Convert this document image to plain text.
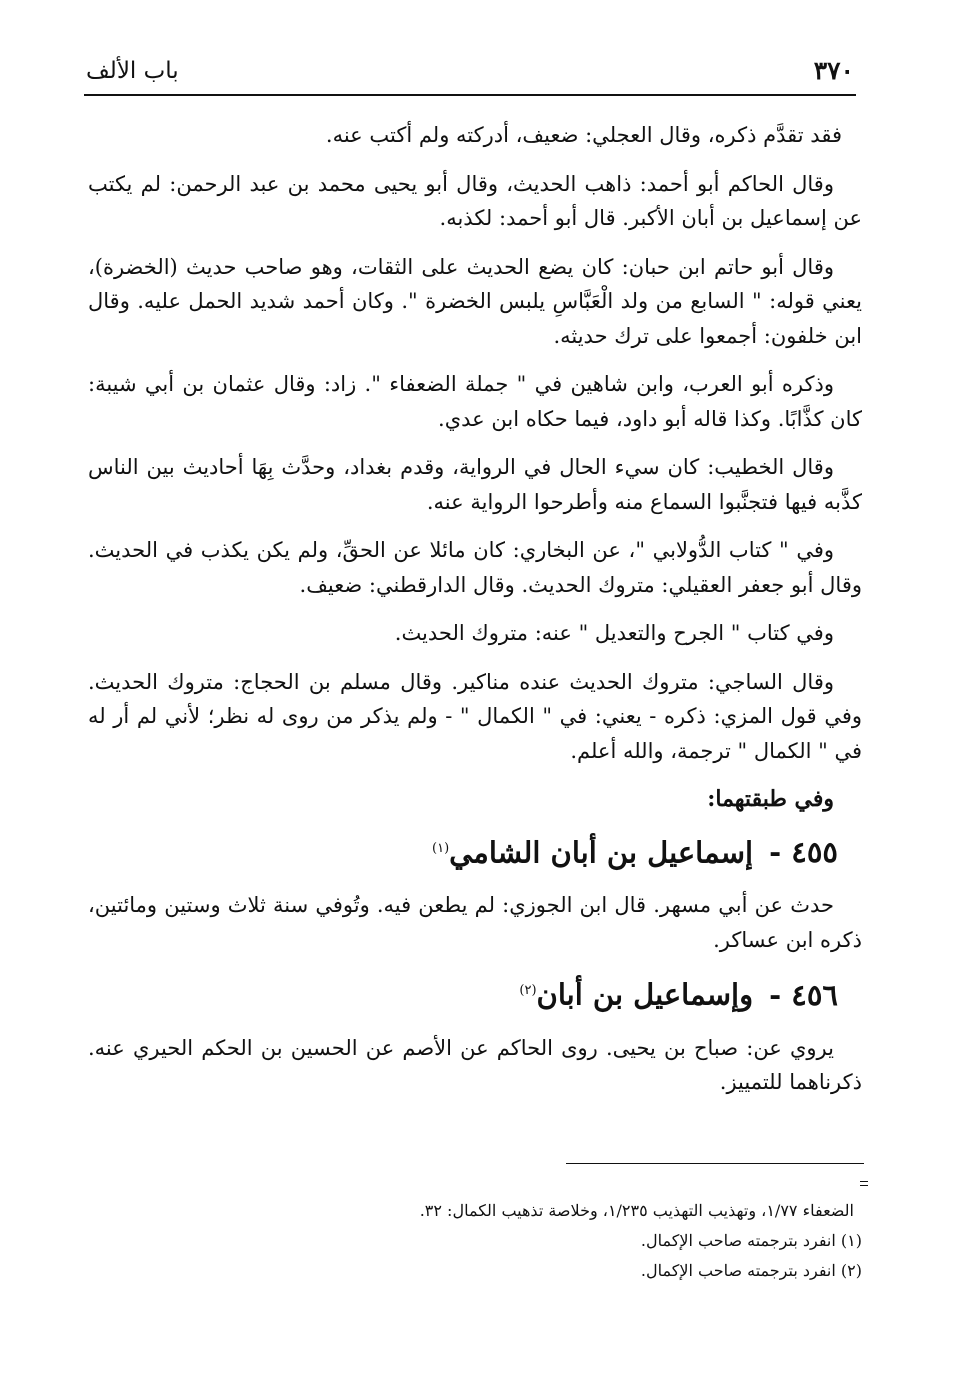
٣٧٠
باب الألف

فقد تقدَّم ذكره، وقال العجلي: ضعيف، أدركته ولم أكتب عنه.

وقال الحاكم أبو أحمد: ذاهب الحديث، وقال أبو يحيى محمد بن عبد الرحمن: لم يكتب عن إسماعيل بن أبان الأكبر. قال أبو أحمد: لكذبه.

وقال أبو حاتم ابن حبان: كان يضع الحديث على الثقات، وهو صاحب حديث (الخضرة)، يعني قوله: " السابع من ولد الْعَبَّاسِ يلبس الخضرة ". وكان أحمد شديد الحمل عليه. وقال ابن خلفون: أجمعوا على ترك حديثه.

وذكره أبو العرب، وابن شاهين في " جملة الضعفاء ". زاد: وقال عثمان بن أبي شيبة: كان كذَّابًا. وكذا قاله أبو داود، فيما حكاه ابن عدي.

وقال الخطيب: كان سيء الحال في الرواية، وقدم بغداد، وحدَّث بِهَا أحاديث بين الناس كذَّبه فيها فتجنَّبوا السماع منه وأطرحوا الرواية عنه.

وفي " كتاب الدُّولابي "، عن البخاري: كان مائلا عن الحقِّ، ولم يكن يكذب في الحديث. وقال أبو جعفر العقيلي: متروك الحديث. وقال الدارقطني: ضعيف.

وفي كتاب " الجرح والتعديل " عنه: متروك الحديث.

وقال الساجي: متروك الحديث عنده مناكير. وقال مسلم بن الحجاج: متروك الحديث. وفي قول المزي: ذكره - يعني: في " الكمال " - ولم يذكر من روى له نظر؛ لأني لم أر له في " الكمال " ترجمة، والله أعلم.

وفي طبقتهما:
٤٥٥ -إسماعيل بن أبان الشامي$^{(١)}$

حدث عن أبي مسهر. قال ابن الجوزي: لم يطعن فيه. وتُوفي سنة ثلاث وستين ومائتين، ذكره ابن عساكر.

٤٥٦ -وإسماعيل بن أبان$^{(٢)}$

يروي عن: صباح بن يحيى. روى الحاكم عن الأصم عن الحسين بن الحكم الحيري عنه. ذكرناهما للتمييز.

الضعفاء ١/٧٧، وتهذيب التهذيب ١/٢٣٥، وخلاصة تذهيب الكمال: ٣٢.

(١) انفرد بترجمته صاحب الإكمال.

(٢) انفرد بترجمته صاحب الإكمال.
